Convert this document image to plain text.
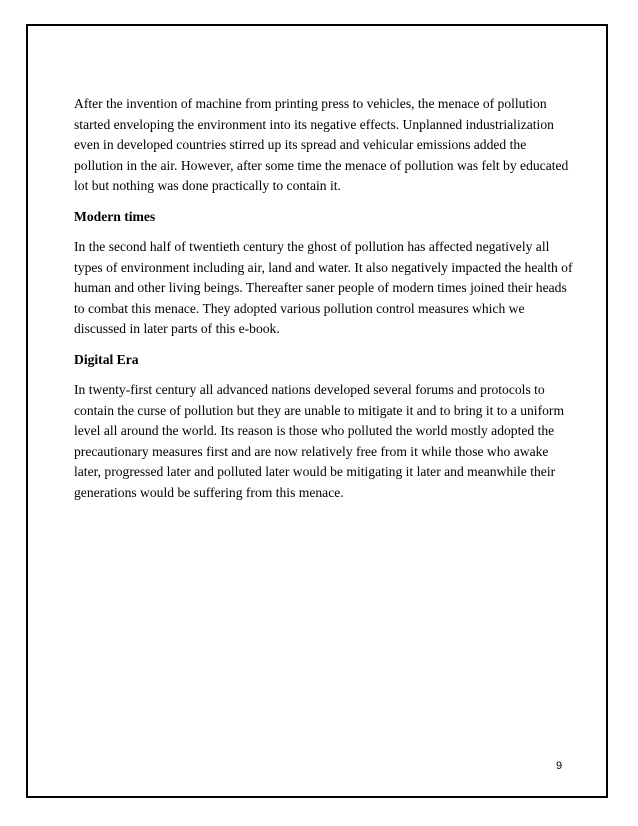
After the invention of machine from printing press to vehicles, the menace of pollution started enveloping the environment into its negative effects. Unplanned industrialization even in developed countries stirred up its spread and vehicular emissions added the pollution in the air. However, after some time the menace of pollution was felt by educated lot but nothing was done practically to contain it.

Modern times

In the second half of twentieth century the ghost of pollution has affected negatively all types of environment including air, land and water. It also negatively impacted the health of human and other living beings. Thereafter saner people of modern times joined their heads to combat this menace. They adopted various pollution control measures which we discussed in later parts of this e-book.

Digital Era

In twenty-first century all advanced nations developed several forums and protocols to contain the curse of pollution but they are unable to mitigate it and to bring it to a uniform level all around the world. Its reason is those who polluted the world mostly adopted the precautionary measures first and are now relatively free from it while those who awake later, progressed later and polluted later would be mitigating it later and meanwhile their generations would be suffering from this menace.

9
